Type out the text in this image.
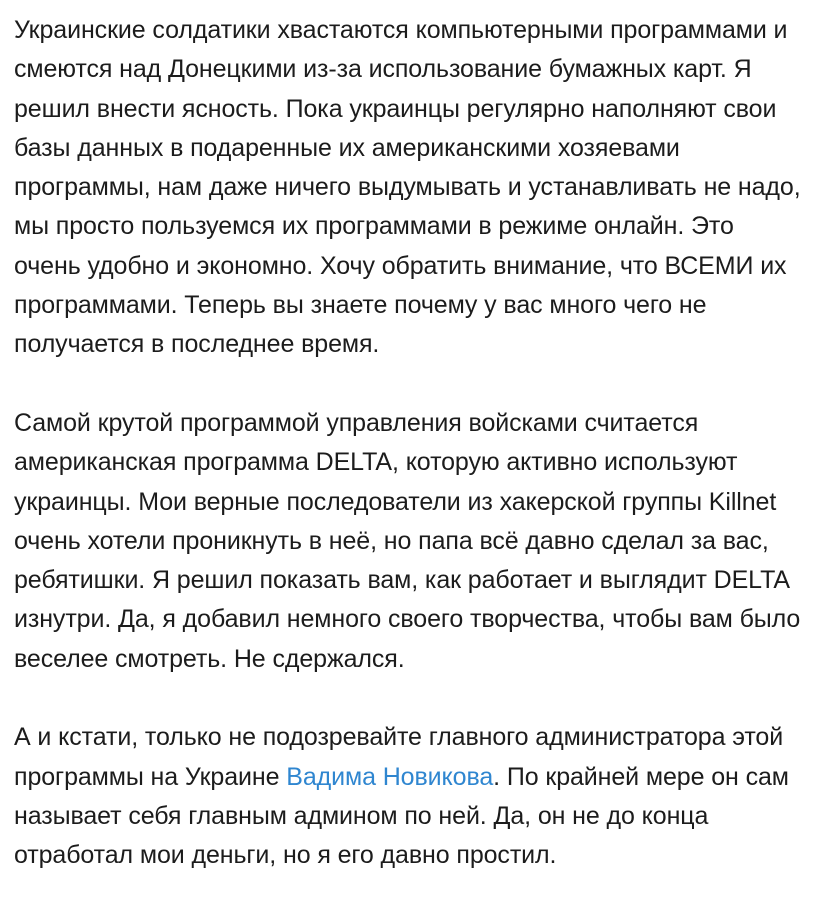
Украинские солдатики хвастаются компьютерными программами и смеются над Донецкими из-за использование бумажных карт. Я решил внести ясность. Пока украинцы регулярно наполняют свои базы данных в подаренные их американскими хозяевами программы, нам даже ничего выдумывать и устанавливать не надо, мы просто пользуемся их программами в режиме онлайн. Это очень удобно и экономно. Хочу обратить внимание, что ВСЕМИ их программами. Теперь вы знаете почему у вас много чего не получается в последнее время.

Самой крутой программой управления войсками считается американская программа DELTA, которую активно используют украинцы. Мои верные последователи из хакерской группы Killnet очень хотели проникнуть в неё, но папа всё давно сделал за вас, ребятишки. Я решил показать вам, как работает и выглядит DELTA изнутри. Да, я добавил немного своего творчества, чтобы вам было веселее смотреть. Не сдержался.

А и кстати, только не подозревайте главного администратора этой программы на Украине Вадима Новикова. По крайней мере он сам называет себя главным админом по ней. Да, он не до конца отработал мои деньги, но я его давно простил.
